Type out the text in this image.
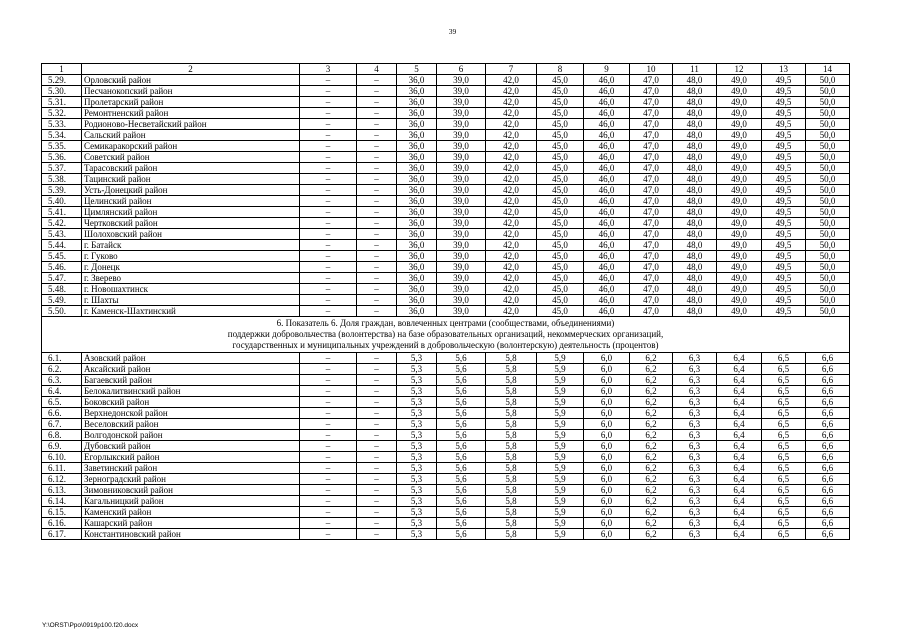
39
1	2	3	4	5	6	7	8	9	10	11	12	13	14
5.29.	Орловский район	–	–	36,0	39,0	42,0	45,0	46,0	47,0	48,0	49,0	49,5	50,0
5.30.	Песчанокопский район	–	–	36,0	39,0	42,0	45,0	46,0	47,0	48,0	49,0	49,5	50,0
5.31.	Пролетарский район	–	–	36,0	39,0	42,0	45,0	46,0	47,0	48,0	49,0	49,5	50,0
5.32.	Ремонтненский район	–	–	36,0	39,0	42,0	45,0	46,0	47,0	48,0	49,0	49,5	50,0
5.33.	Родионово-Несветайский район	–	–	36,0	39,0	42,0	45,0	46,0	47,0	48,0	49,0	49,5	50,0
5.34.	Сальский район	–	–	36,0	39,0	42,0	45,0	46,0	47,0	48,0	49,0	49,5	50,0
5.35.	Семикаракорский район	–	–	36,0	39,0	42,0	45,0	46,0	47,0	48,0	49,0	49,5	50,0
5.36.	Советский район	–	–	36,0	39,0	42,0	45,0	46,0	47,0	48,0	49,0	49,5	50,0
5.37.	Тарасовский район	–	–	36,0	39,0	42,0	45,0	46,0	47,0	48,0	49,0	49,5	50,0
5.38.	Тацинский район	–	–	36,0	39,0	42,0	45,0	46,0	47,0	48,0	49,0	49,5	50,0
5.39.	Усть-Донецкий район	–	–	36,0	39,0	42,0	45,0	46,0	47,0	48,0	49,0	49,5	50,0
5.40.	Целинский район	–	–	36,0	39,0	42,0	45,0	46,0	47,0	48,0	49,0	49,5	50,0
5.41.	Цимлянский район	–	–	36,0	39,0	42,0	45,0	46,0	47,0	48,0	49,0	49,5	50,0
5.42.	Чертковский район	–	–	36,0	39,0	42,0	45,0	46,0	47,0	48,0	49,0	49,5	50,0
5.43.	Шолоховский район	–	–	36,0	39,0	42,0	45,0	46,0	47,0	48,0	49,0	49,5	50,0
5.44.	г. Батайск	–	–	36,0	39,0	42,0	45,0	46,0	47,0	48,0	49,0	49,5	50,0
5.45.	г. Гуково	–	–	36,0	39,0	42,0	45,0	46,0	47,0	48,0	49,0	49,5	50,0
5.46.	г. Донецк	–	–	36,0	39,0	42,0	45,0	46,0	47,0	48,0	49,0	49,5	50,0
5.47.	г. Зверево	–	–	36,0	39,0	42,0	45,0	46,0	47,0	48,0	49,0	49,5	50,0
5.48.	г. Новошахтинск	–	–	36,0	39,0	42,0	45,0	46,0	47,0	48,0	49,0	49,5	50,0
5.49.	г. Шахты	–	–	36,0	39,0	42,0	45,0	46,0	47,0	48,0	49,0	49,5	50,0
5.50.	г. Каменск-Шахтинский	–	–	36,0	39,0	42,0	45,0	46,0	47,0	48,0	49,0	49,5	50,0

6. Показатель 6. Доля граждан, вовлеченных центрами (сообществами, объединениями)
поддержки добровольчества (волонтерства) на базе образовательных организаций, некоммерческих организаций,
государственных и муниципальных учреждений в добровольческую (волонтерскую) деятельность (процентов)													

6.1.	Азовский район	–	–	5,3	5,6	5,8	5,9	6,0	6,2	6,3	6,4	6,5	6,6
6.2.	Аксайский район	–	–	5,3	5,6	5,8	5,9	6,0	6,2	6,3	6,4	6,5	6,6
6.3.	Багаевский район	–	–	5,3	5,6	5,8	5,9	6,0	6,2	6,3	6,4	6,5	6,6
6.4.	Белокалитвинский район	–	–	5,3	5,6	5,8	5,9	6,0	6,2	6,3	6,4	6,5	6,6
6.5.	Боковский район	–	–	5,3	5,6	5,8	5,9	6,0	6,2	6,3	6,4	6,5	6,6
6.6.	Верхнедонской район	–	–	5,3	5,6	5,8	5,9	6,0	6,2	6,3	6,4	6,5	6,6
6.7.	Веселовский район	–	–	5,3	5,6	5,8	5,9	6,0	6,2	6,3	6,4	6,5	6,6
6.8.	Волгодонской район	–	–	5,3	5,6	5,8	5,9	6,0	6,2	6,3	6,4	6,5	6,6
6.9.	Дубовский район	–	–	5,3	5,6	5,8	5,9	6,0	6,2	6,3	6,4	6,5	6,6
6.10.	Егорлыкский район	–	–	5,3	5,6	5,8	5,9	6,0	6,2	6,3	6,4	6,5	6,6
6.11.	Заветинский район	–	–	5,3	5,6	5,8	5,9	6,0	6,2	6,3	6,4	6,5	6,6
6.12.	Зерноградский район	–	–	5,3	5,6	5,8	5,9	6,0	6,2	6,3	6,4	6,5	6,6
6.13.	Зимовниковский район	–	–	5,3	5,6	5,8	5,9	6,0	6,2	6,3	6,4	6,5	6,6
6.14.	Кагальницкий район	–	–	5,3	5,6	5,8	5,9	6,0	6,2	6,3	6,4	6,5	6,6
6.15.	Каменский район	–	–	5,3	5,6	5,8	5,9	6,0	6,2	6,3	6,4	6,5	6,6
6.16.	Кашарский район	–	–	5,3	5,6	5,8	5,9	6,0	6,2	6,3	6,4	6,5	6,6
6.17.	Константиновский район	–	–	5,3	5,6	5,8	5,9	6,0	6,2	6,3	6,4	6,5	6,6
Y:\ORST\Ppo\0919p100.f20.docx
